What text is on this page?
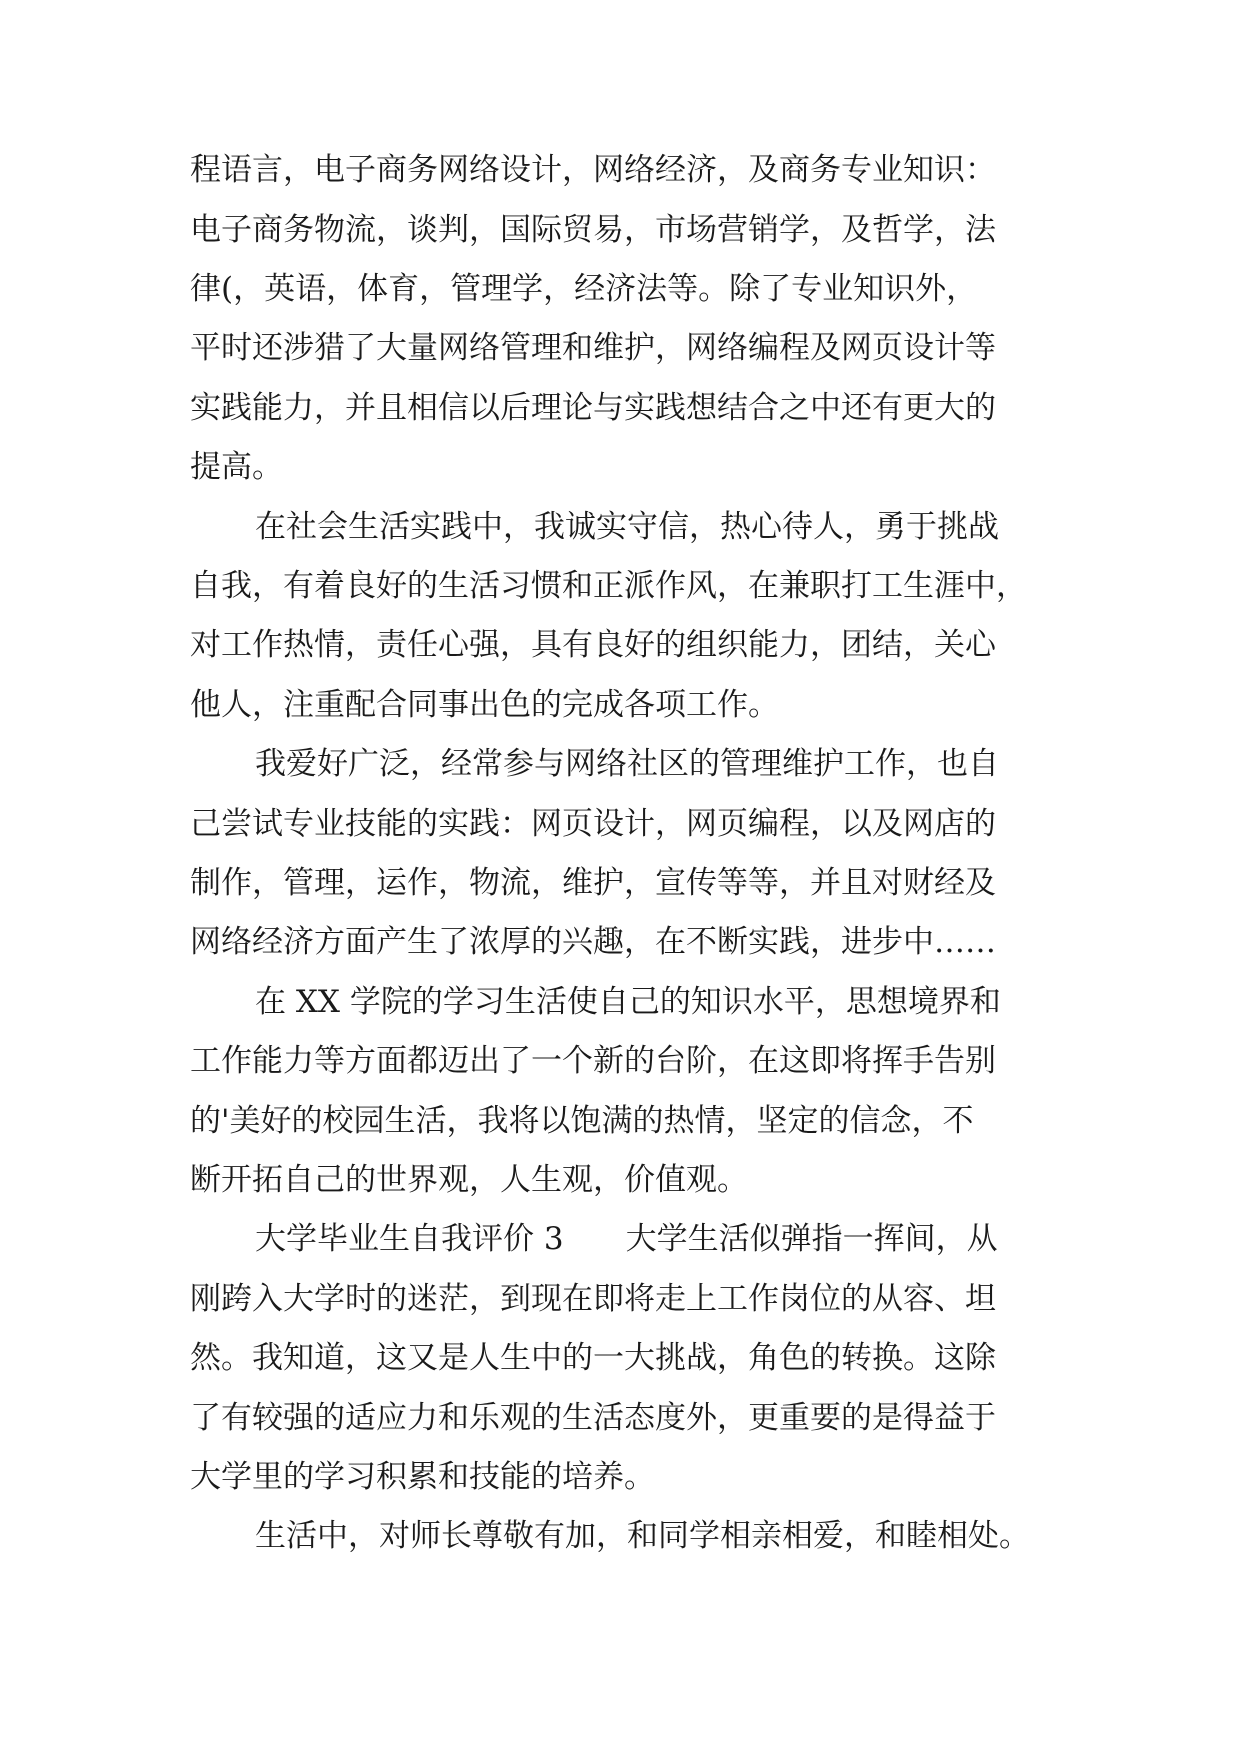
程语言，电子商务网络设计，网络经济，及商务专业知识：
电子商务物流，谈判，国际贸易，市场营销学，及哲学，法
律(，英语，体育，管理学，经济法等。除了专业知识外，
平时还涉猎了大量网络管理和维护，网络编程及网页设计等
实践能力，并且相信以后理论与实践想结合之中还有更大的
提高。
在社会生活实践中，我诚实守信，热心待人，勇于挑战
自我，有着良好的生活习惯和正派作风，在兼职打工生涯中，
对工作热情，责任心强，具有良好的组织能力，团结，关心
他人，注重配合同事出色的完成各项工作。
我爱好广泛，经常参与网络社区的管理维护工作，也自
己尝试专业技能的实践：网页设计，网页编程，以及网店的
制作，管理，运作，物流，维护，宣传等等，并且对财经及
网络经济方面产生了浓厚的兴趣，在不断实践，进步中……
在 XX 学院的学习生活使自己的知识水平，思想境界和
工作能力等方面都迈出了一个新的台阶，在这即将挥手告别
的'美好的校园生活，我将以饱满的热情，坚定的信念，不
断开拓自己的世界观，人生观，价值观。
大学毕业生自我评价 3　　大学生活似弹指一挥间，从
刚跨入大学时的迷茫，到现在即将走上工作岗位的从容、坦
然。我知道，这又是人生中的一大挑战，角色的转换。这除
了有较强的适应力和乐观的生活态度外，更重要的是得益于
大学里的学习积累和技能的培养。
生活中，对师长尊敬有加，和同学相亲相爱，和睦相处。
